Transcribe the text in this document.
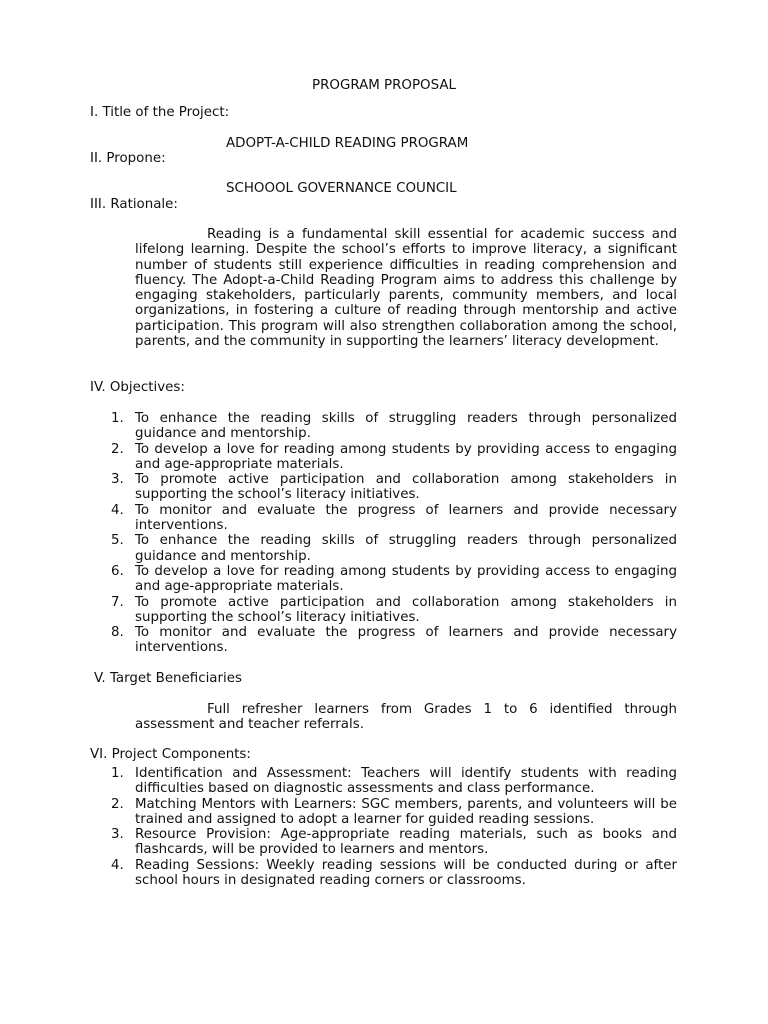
PROGRAM PROPOSAL
I. Title of the Project:
ADOPT-A-CHILD READING PROGRAM
II. Propone:
SCHOOOL GOVERNANCE COUNCIL
III. Rationale:

Reading is a fundamental skill essential for academic success and lifelong learning. Despite the school’s efforts to improve literacy, a significant number of students still experience difficulties in reading comprehension and fluency. The Adopt-a-Child Reading Program aims to address this challenge by engaging stakeholders, particularly parents, community members, and local organizations, in fostering a culture of reading through mentorship and active participation. This program will also strengthen collaboration among the school, parents, and the community in supporting the learners’ literacy development.

IV. Objectives:
1. To enhance the reading skills of struggling readers through personalized guidance and mentorship.
2. To develop a love for reading among students by providing access to engaging and age-appropriate materials.
3. To promote active participation and collaboration among stakeholders in supporting the school’s literacy initiatives.
4. To monitor and evaluate the progress of learners and provide necessary interventions.
5. To enhance the reading skills of struggling readers through personalized guidance and mentorship.
6. To develop a love for reading among students by providing access to engaging and age-appropriate materials.
7. To promote active participation and collaboration among stakeholders in supporting the school’s literacy initiatives.
8. To monitor and evaluate the progress of learners and provide necessary interventions.
V. Target Beneficiaries

Full refresher learners from Grades 1 to 6 identified through assessment and teacher referrals.

VI. Project Components:
1. Identification and Assessment: Teachers will identify students with reading difficulties based on diagnostic assessments and class performance.
2. Matching Mentors with Learners: SGC members, parents, and volunteers will be trained and assigned to adopt a learner for guided reading sessions.
3. Resource Provision: Age-appropriate reading materials, such as books and flashcards, will be provided to learners and mentors.
4. Reading Sessions: Weekly reading sessions will be conducted during or after school hours in designated reading corners or classrooms.
